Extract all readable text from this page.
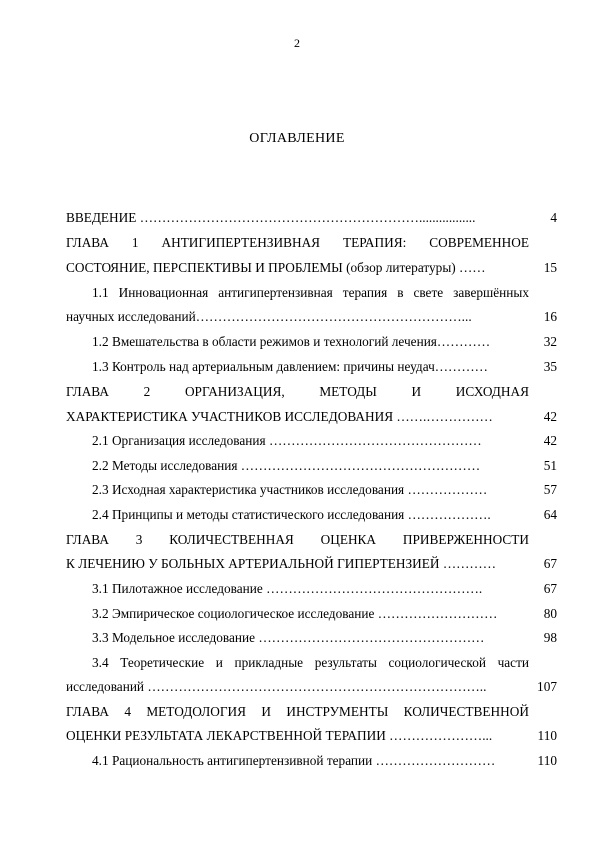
2
ОГЛАВЛЕНИЕ
ВВЕДЕНИЕ ……………………………………………………….................	4
ГЛАВА 1 АНТИГИПЕРТЕНЗИВНАЯ ТЕРАПИЯ: СОВРЕМЕННОЕ
СОСТОЯНИЕ, ПЕРСПЕКТИВЫ И ПРОБЛЕМЫ (обзор литературы) ……	15
1.1 Инновационная антигипертензивная терапия в свете завершённых
научных исследований……………………………………………………...	16
1.2 Вмешательства в области режимов и технологий лечения…………	32
1.3 Контроль над артериальным давлением: причины неудач…………	35
ГЛАВА	2	ОРГАНИЗАЦИЯ,	МЕТОДЫ	И	ИСХОДНАЯ
ХАРАКТЕРИСТИКА УЧАСТНИКОВ ИССЛЕДОВАНИЯ …….……………	42
2.1 Организация исследования …………………………………………	42
2.2 Методы исследования ………………………………………………	51
2.3 Исходная характеристика участников исследования ………………	57
2.4 Принципы и методы статистического исследования ……………….	64
ГЛАВА 3 КОЛИЧЕСТВЕННАЯ ОЦЕНКА ПРИВЕРЖЕННОСТИ
К ЛЕЧЕНИЮ У БОЛЬНЫХ АРТЕРИАЛЬНОЙ ГИПЕРТЕНЗИЕЙ …………	67
3.1 Пилотажное исследование ………………………………………….	67
3.2 Эмпирическое социологическое исследование ………………………	80
3.3 Модельное исследование ……………………………………………	98
3.4 Теоретические и прикладные результаты социологической части
исследований …………………………………………………………………..	107
ГЛАВА 4 МЕТОДОЛОГИЯ И ИНСТРУМЕНТЫ КОЛИЧЕСТВЕННОЙ
ОЦЕНКИ РЕЗУЛЬТАТА ЛЕКАРСТВЕННОЙ ТЕРАПИИ …………………...	110
4.1 Рациональность антигипертензивной терапии ………………………	110
